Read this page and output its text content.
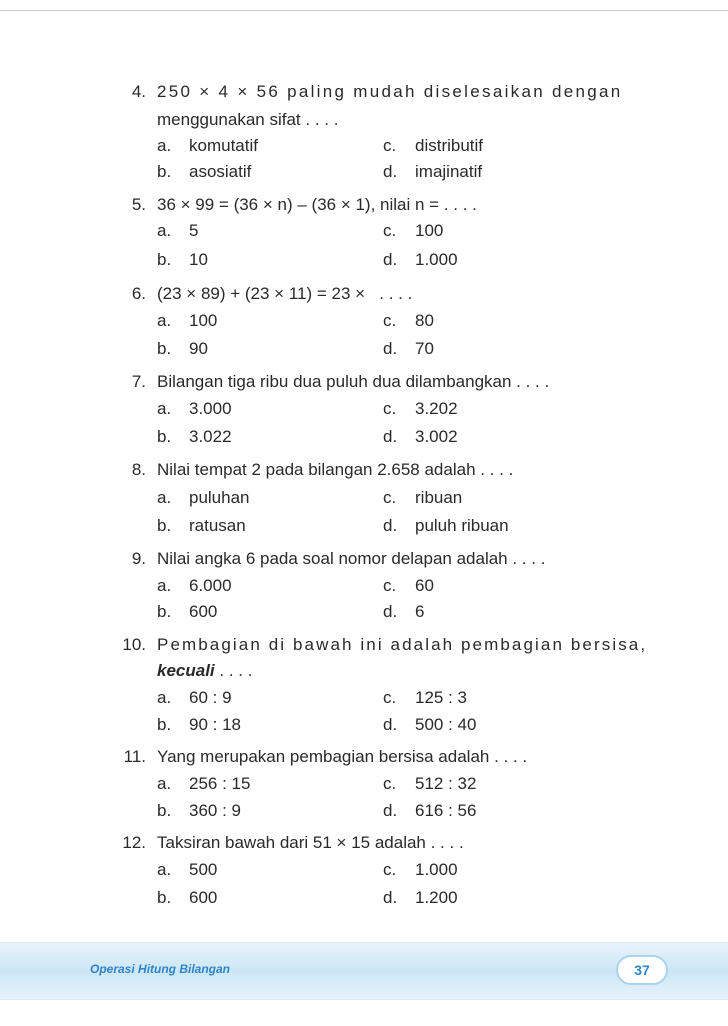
4. 250 × 4 × 56 paling mudah diselesaikan dengan
menggunakan sifat . . . .
a. komutatif	c. distributif
b. asosiatif	d. imajinatif
5. 36 × 99 = (36 × n) – (36 × 1), nilai n = . . . .
a. 5	c. 100
b. 10	d. 1.000
6. (23 × 89) + (23 × 11) = 23 ×   . . . .
a. 100	c. 80
b. 90	d. 70
7. Bilangan tiga ribu dua puluh dua dilambangkan . . . .
a. 3.000	c. 3.202
b. 3.022	d. 3.002
8. Nilai tempat 2 pada bilangan 2.658 adalah . . . .
a. puluhan	c. ribuan
b. ratusan	d. puluh ribuan
9. Nilai angka 6 pada soal nomor delapan adalah . . . .
a. 6.000	c. 60
b. 600	d. 6
10. Pembagian di bawah ini adalah pembagian bersisa,
kecuali . . . .
a. 60 : 9	c. 125 : 3
b. 90 : 18	d. 500 : 40
11. Yang merupakan pembagian bersisa adalah . . . .
a. 256 : 15	c. 512 : 32
b. 360 : 9	d. 616 : 56
12. Taksiran bawah dari 51 × 15 adalah . . . .
a. 500	c. 1.000
b. 600	d. 1.200
Operasi Hitung Bilangan	37
